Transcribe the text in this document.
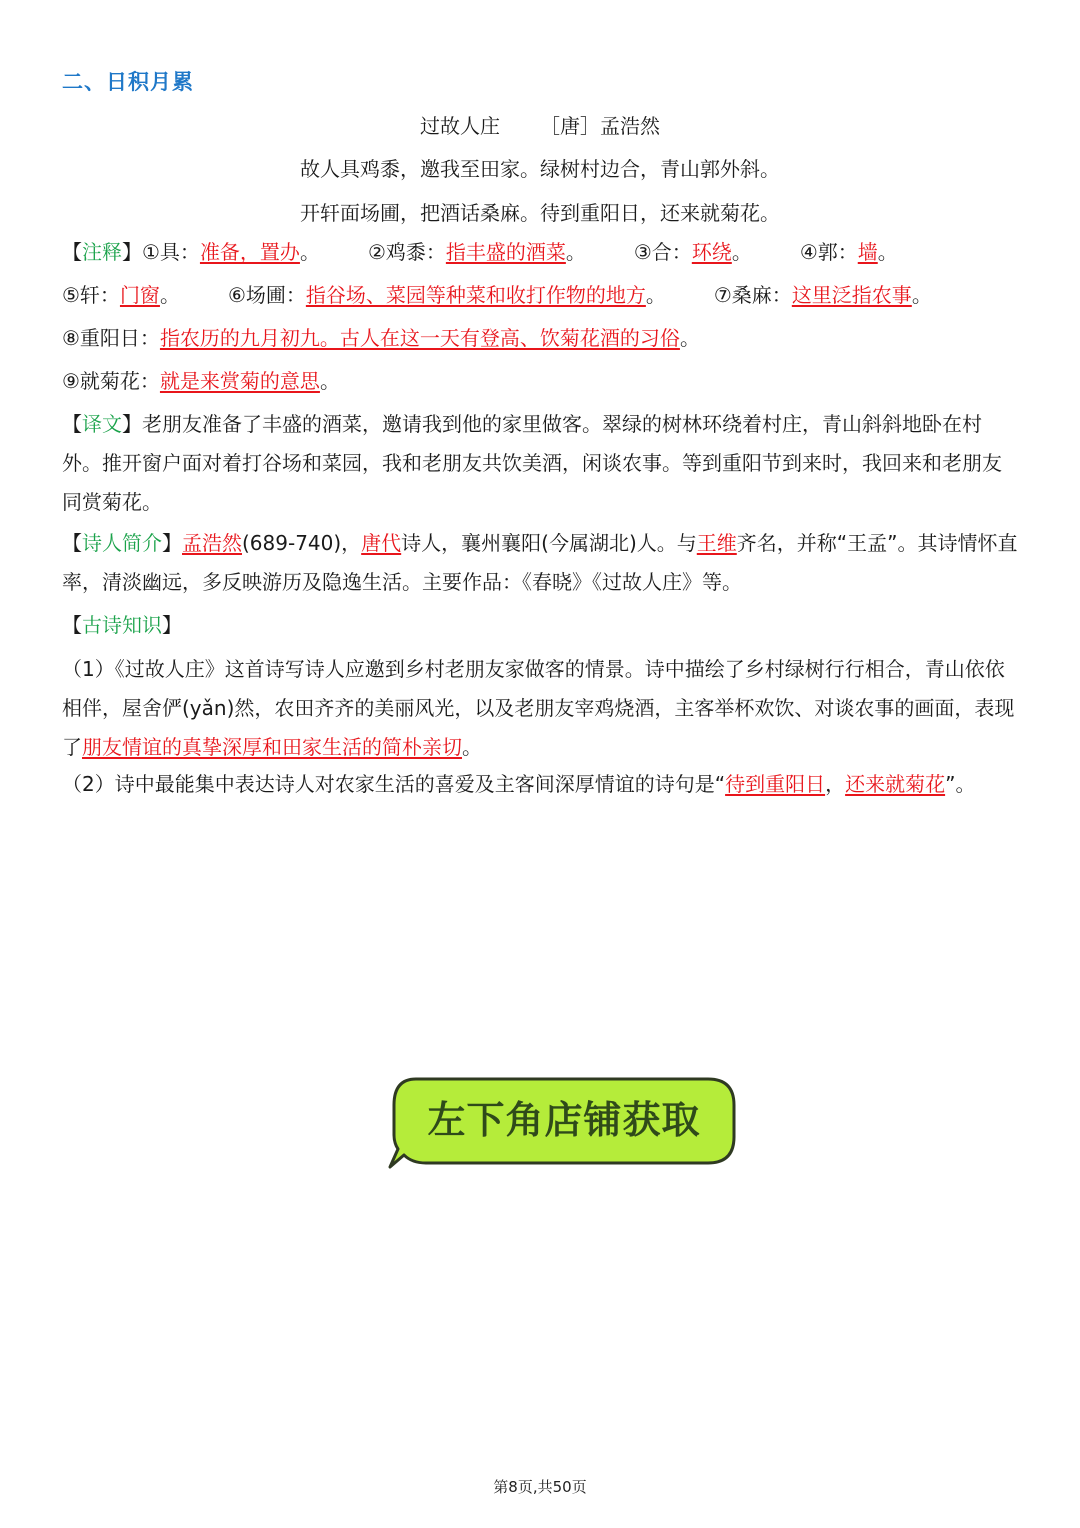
二、日积月累
过故人庄 ［唐］孟浩然
故人具鸡黍，邀我至田家。绿树村边合，青山郭外斜。
开轩面场圃，把酒话桑麻。待到重阳日，还来就菊花。
【注释】①具：准备，置办。 ②鸡黍：指丰盛的酒菜。 ③合：环绕。 ④郭：墙。
⑤轩：门窗。 ⑥场圃：指谷场、菜园等种菜和收打作物的地方。 ⑦桑麻：这里泛指农事。
⑧重阳日：指农历的九月初九。古人在这一天有登高、饮菊花酒的习俗。
⑨就菊花：就是来赏菊的意思。
【译文】老朋友准备了丰盛的酒菜，邀请我到他的家里做客。翠绿的树林环绕着村庄，青山斜斜地卧在村外。推开窗户面对着打谷场和菜园，我和老朋友共饮美酒，闲谈农事。等到重阳节到来时，我回来和老朋友同赏菊花。
【诗人简介】孟浩然(689-740)，唐代诗人，襄州襄阳(今属湖北)人。与王维齐名，并称“王孟”。其诗情怀直率，清淡幽远，多反映游历及隐逸生活。主要作品：《春晓》《过故人庄》等。
【古诗知识】
（1）《过故人庄》这首诗写诗人应邀到乡村老朋友家做客的情景。诗中描绘了乡村绿树行行相合，青山依依相伴，屋舍俨(yǎn)然，农田齐齐的美丽风光，以及老朋友宰鸡烧酒，主客举杯欢饮、对谈农事的画面，表现了朋友情谊的真挚深厚和田家生活的简朴亲切。
（2）诗中最能集中表达诗人对农家生活的喜爱及主客间深厚情谊的诗句是“待到重阳日，还来就菊花”。
左下角店铺获取
第8页,共50页
